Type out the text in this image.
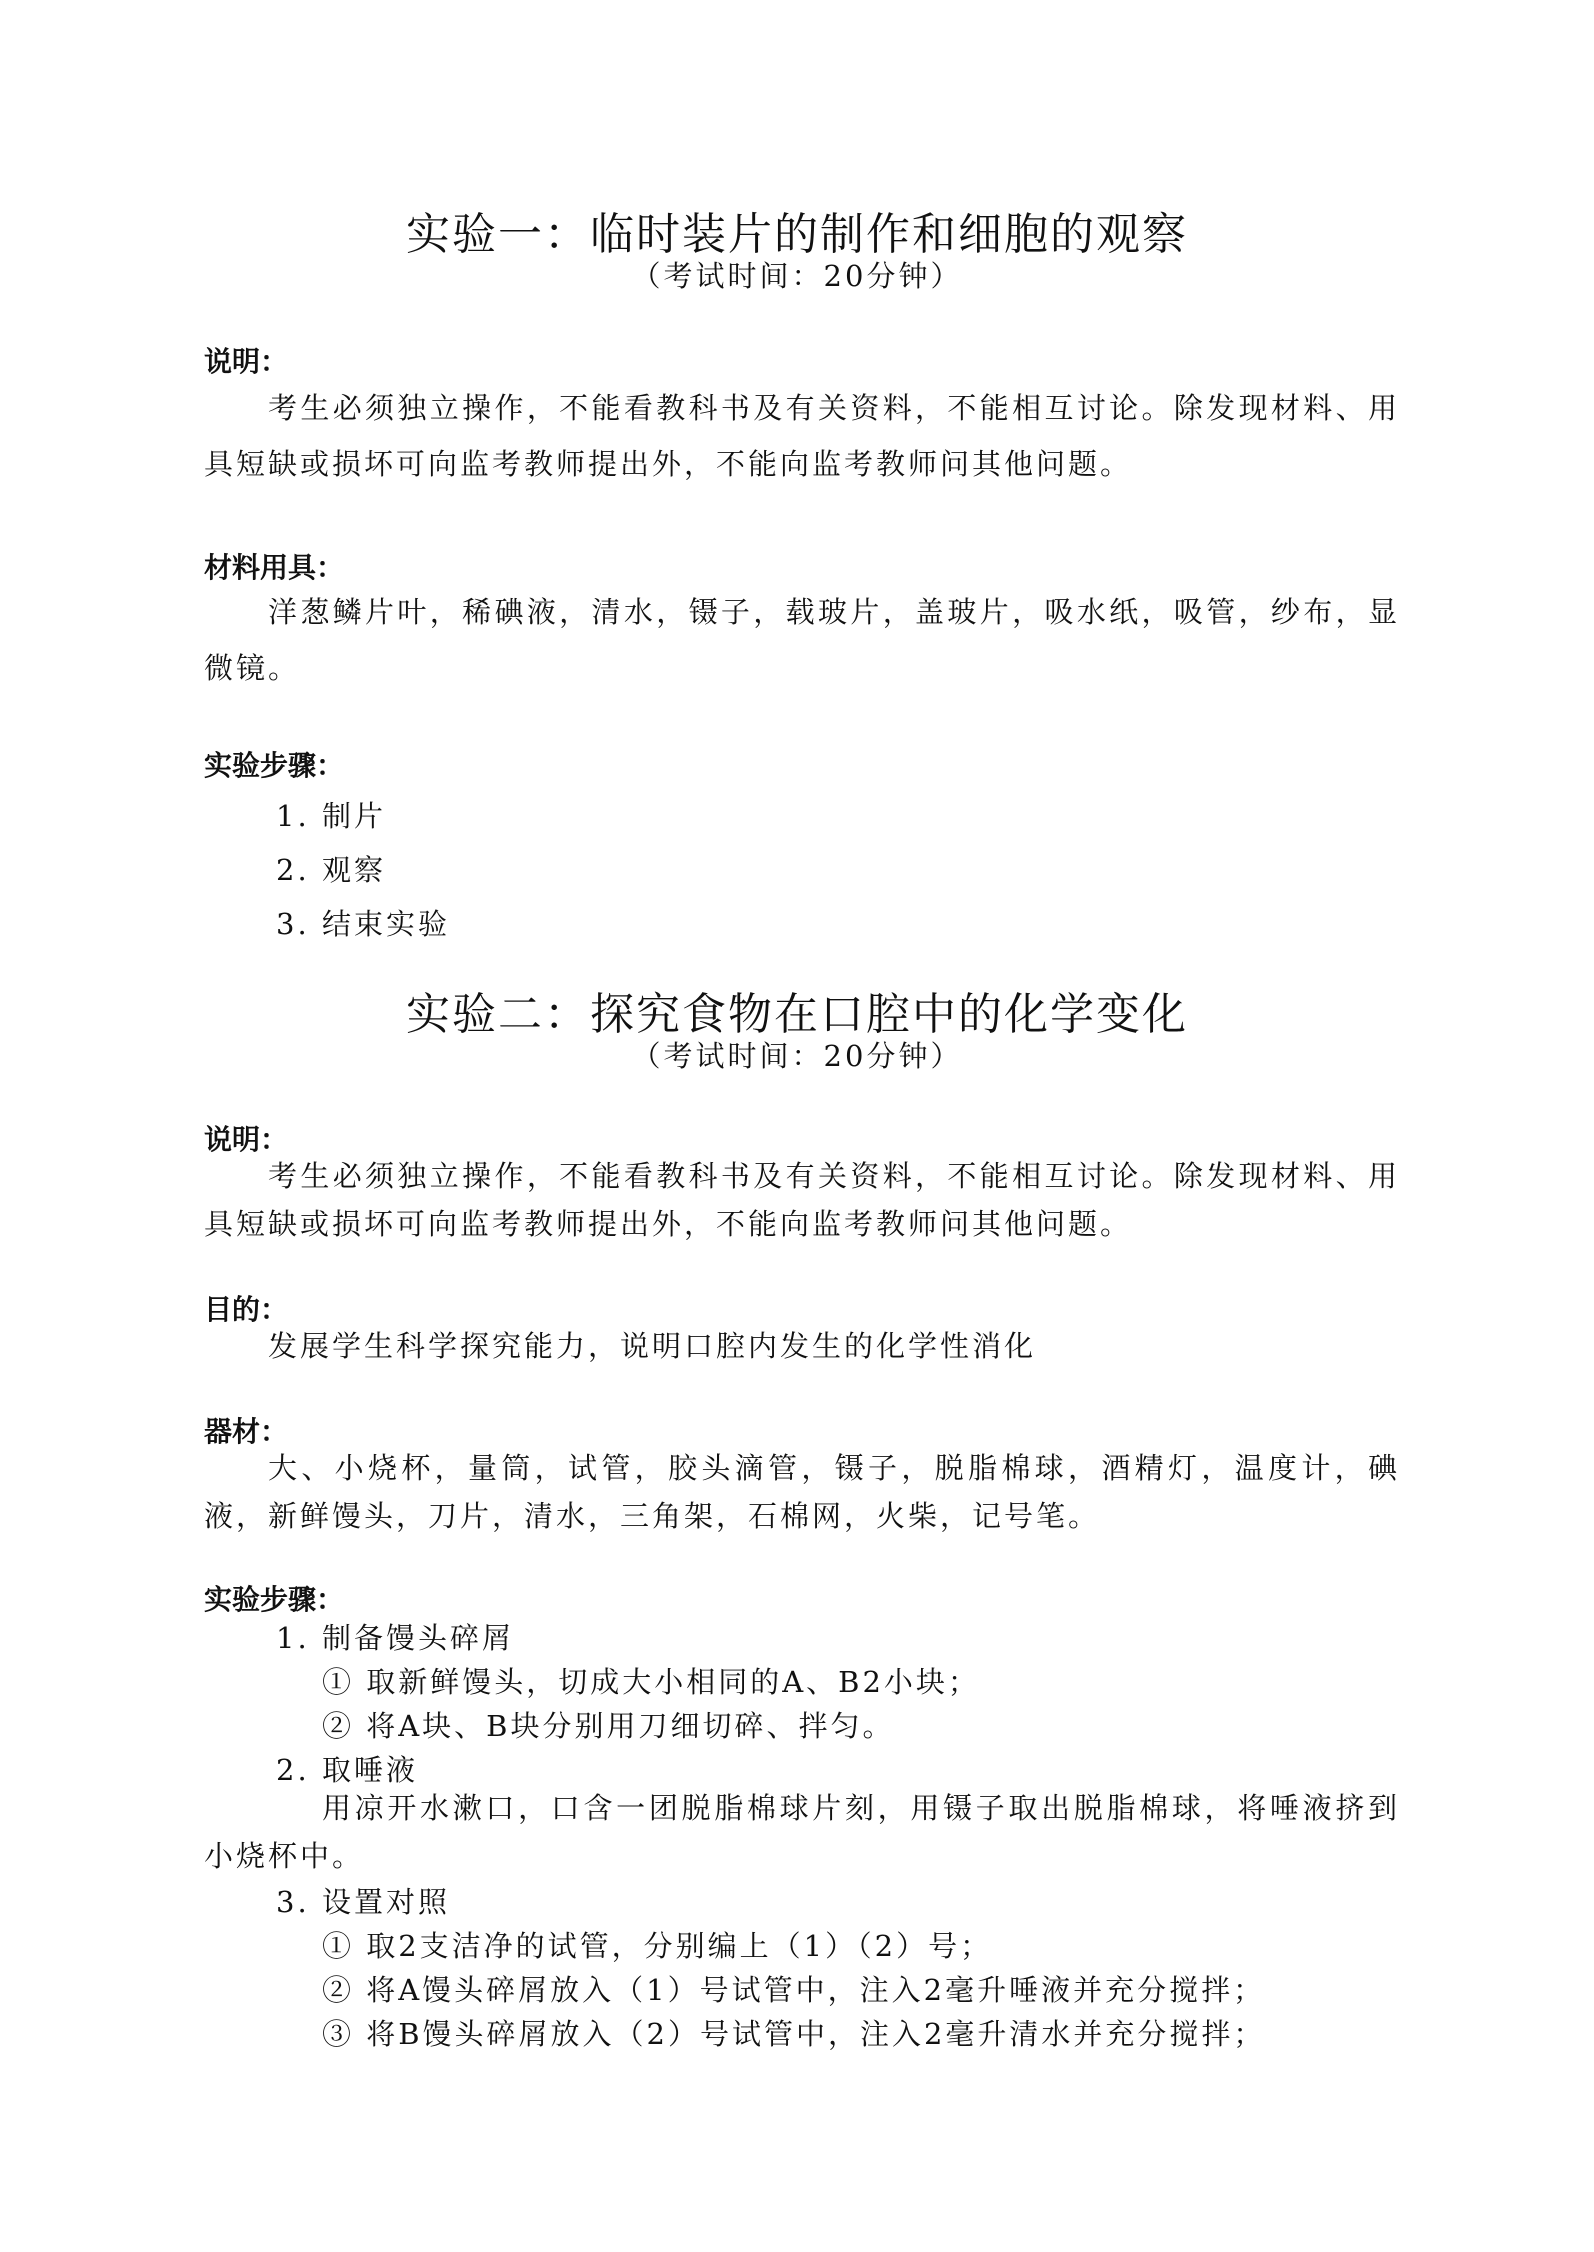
实验一：临时装片的制作和细胞的观察

（考试时间：20分钟）

说明：

考生必须独立操作，不能看教科书及有关资料，不能相互讨论。除发现材料、用具短缺或损坏可向监考教师提出外，不能向监考教师问其他问题。

材料用具：

洋葱鳞片叶，稀碘液，清水，镊子，载玻片，盖玻片，吸水纸，吸管，纱布，显微镜。

实验步骤：

1. 制片

2. 观察

3. 结束实验

实验二：探究食物在口腔中的化学变化

（考试时间：20分钟）

说明：

考生必须独立操作，不能看教科书及有关资料，不能相互讨论。除发现材料、用具短缺或损坏可向监考教师提出外，不能向监考教师问其他问题。

目的：

发展学生科学探究能力，说明口腔内发生的化学性消化

器材：

大、小烧杯，量筒，试管，胶头滴管，镊子，脱脂棉球，酒精灯，温度计，碘液，新鲜馒头，刀片，清水，三角架，石棉网，火柴，记号笔。

实验步骤：

1. 制备馒头碎屑

① 取新鲜馒头，切成大小相同的A、B2小块；

② 将A块、B块分别用刀细切碎、拌匀。

2. 取唾液

用凉开水漱口，口含一团脱脂棉球片刻，用镊子取出脱脂棉球，将唾液挤到小烧杯中。

3. 设置对照

① 取2支洁净的试管，分别编上（1）（2）号；

② 将A馒头碎屑放入（1）号试管中，注入2毫升唾液并充分搅拌；

③ 将B馒头碎屑放入（2）号试管中，注入2毫升清水并充分搅拌；
